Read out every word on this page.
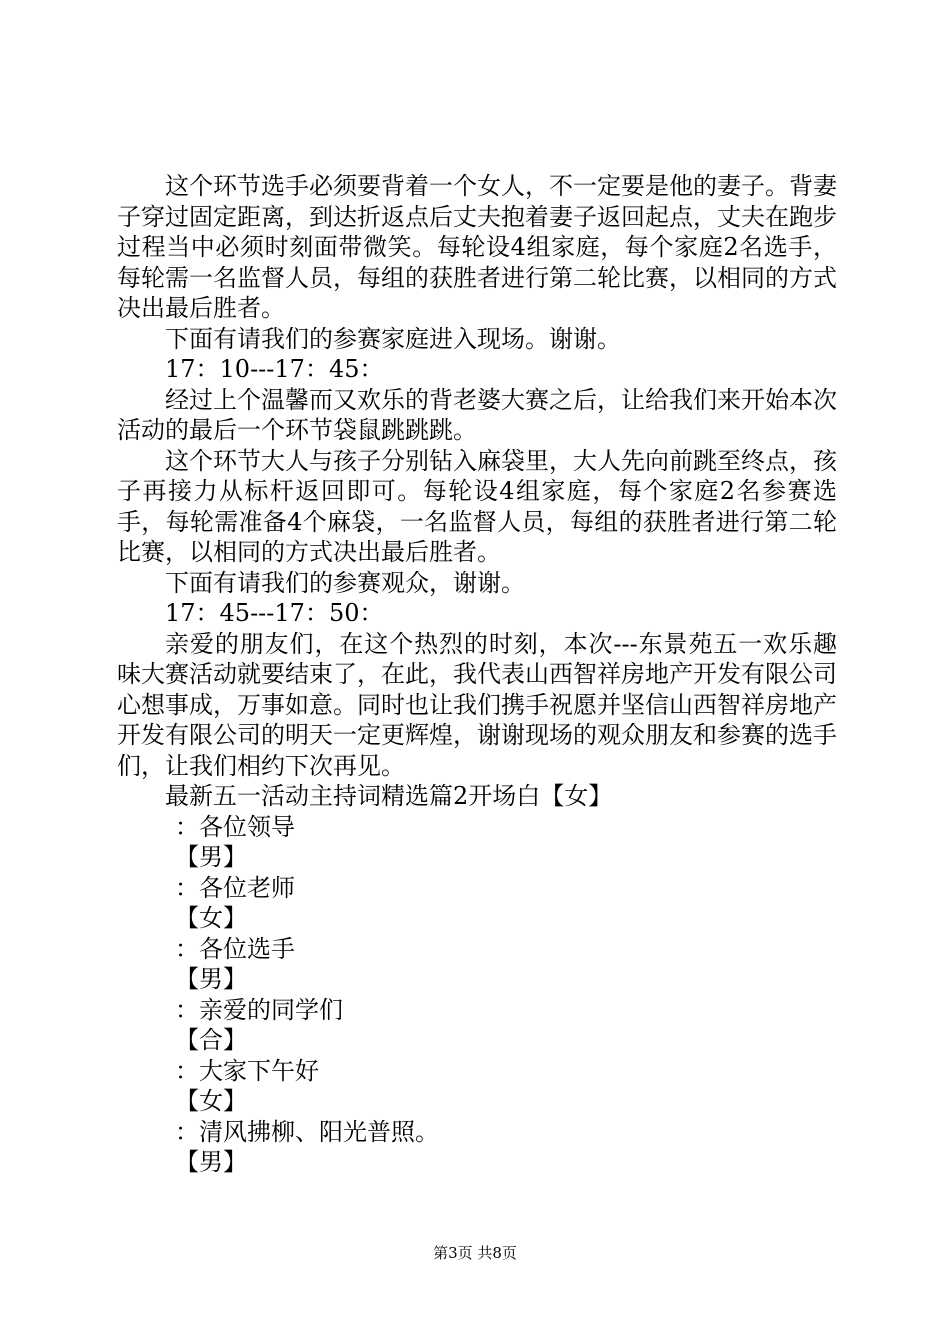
这个环节选手必须要背着一个女人，不一定要是他的妻子。背妻子穿过固定距离，到达折返点后丈夫抱着妻子返回起点，丈夫在跑步过程当中必须时刻面带微笑。每轮设4组家庭，每个家庭2名选手，每轮需一名监督人员，每组的获胜者进行第二轮比赛，以相同的方式决出最后胜者。

下面有请我们的参赛家庭进入现场。谢谢。

17：10---17：45：

经过上个温馨而又欢乐的背老婆大赛之后，让给我们来开始本次活动的最后一个环节袋鼠跳跳跳。

这个环节大人与孩子分别钻入麻袋里，大人先向前跳至终点，孩子再接力从标杆返回即可。每轮设4组家庭，每个家庭2名参赛选手，每轮需准备4个麻袋，一名监督人员，每组的获胜者进行第二轮比赛，以相同的方式决出最后胜者。

下面有请我们的参赛观众，谢谢。

17：45---17：50：

亲爱的朋友们，在这个热烈的时刻，本次---东景苑五一欢乐趣味大赛活动就要结束了，在此，我代表山西智祥房地产开发有限公司心想事成，万事如意。同时也让我们携手祝愿并坚信山西智祥房地产开发有限公司的明天一定更辉煌，谢谢现场的观众朋友和参赛的选手们，让我们相约下次再见。

最新五一活动主持词精选篇2开场白【女】

：各位领导

【男】

：各位老师

【女】

：各位选手

【男】

：亲爱的同学们

【合】

：大家下午好

【女】

：清风拂柳、阳光普照。

【男】

第3页 共8页
